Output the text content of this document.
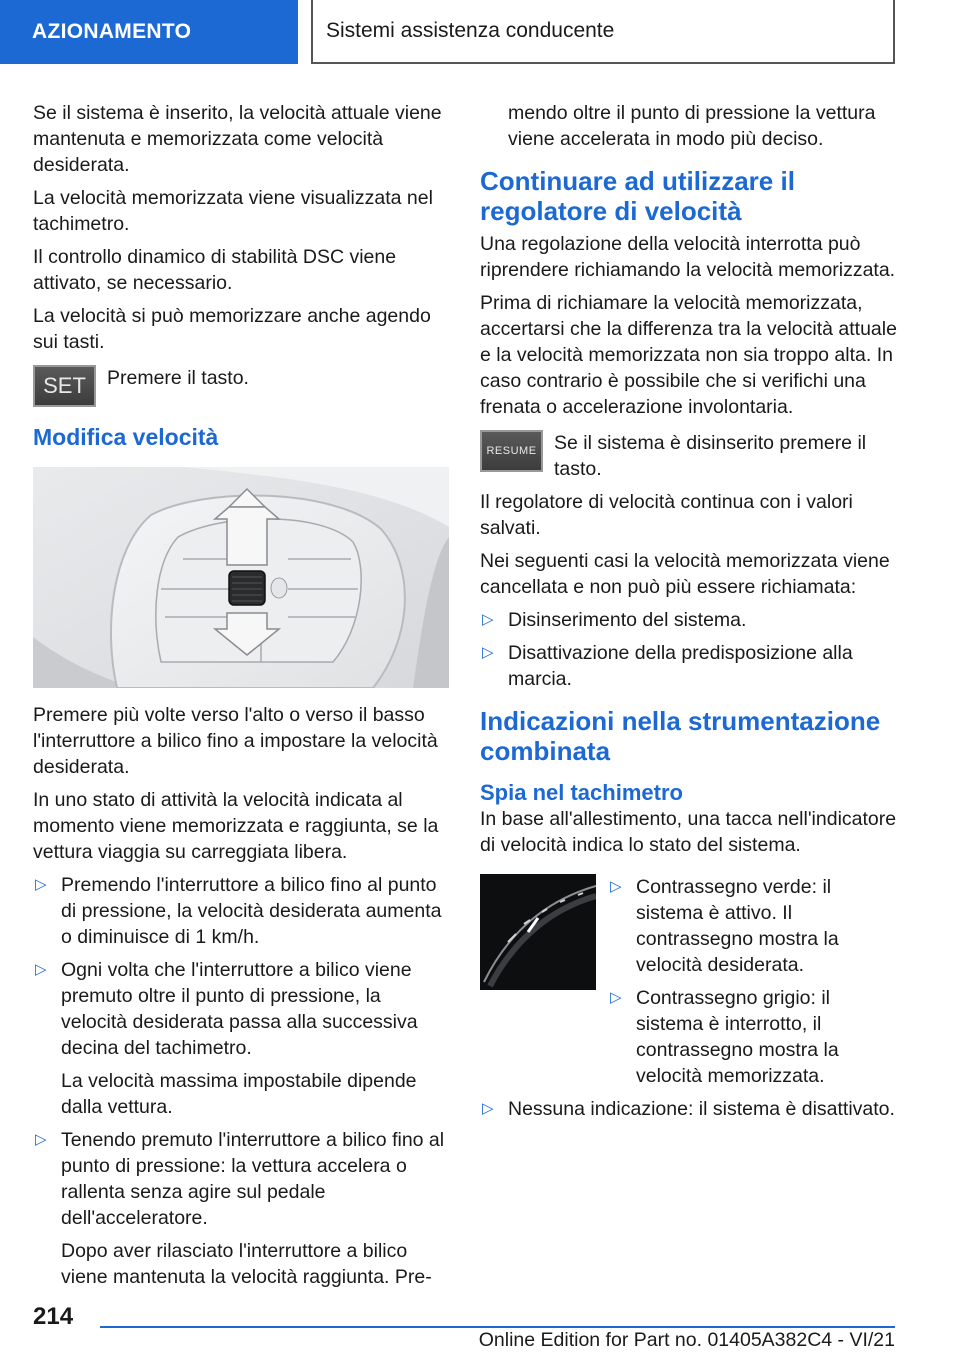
AZIONAMENTO	Sistemi assistenza conducente

Se il sistema è inserito, la velocità attuale viene mantenuta e memorizzata come velocità desiderata.

La velocità memorizzata viene visualizzata nel tachimetro.

Il controllo dinamico di stabilità DSC viene attivato, se necessario.

La velocità si può memorizzare anche agendo sui tasti.

SET	Premere il tasto.
Modifica velocità

Premere più volte verso l'alto o verso il basso l'interruttore a bilico fino a impostare la velocità desiderata.

In uno stato di attività la velocità indicata al momento viene memorizzata e raggiunta, se la vettura viaggia su carreggiata libera.

▷ Premendo l'interruttore a bilico fino al punto di pressione, la velocità desiderata aumenta o diminuisce di 1 km/h.
▷ Ogni volta che l'interruttore a bilico viene premuto oltre il punto di pressione, la velocità desiderata passa alla successiva decina del tachimetro.
La velocità massima impostabile dipende dalla vettura.
▷ Tenendo premuto l'interruttore a bilico fino al punto di pressione: la vettura accelera o rallenta senza agire sul pedale dell'acceleratore.
Dopo aver rilasciato l'interruttore a bilico viene mantenuta la velocità raggiunta. Pre-
mendo oltre il punto di pressione la vettura viene accelerata in modo più deciso.
Continuare ad utilizzare il regolatore di velocità

Una regolazione della velocità interrotta può riprendere richiamando la velocità memorizzata.

Prima di richiamare la velocità memorizzata, accertarsi che la differenza tra la velocità attuale e la velocità memorizzata non sia troppo alta. In caso contrario è possibile che si verifichi una frenata o accelerazione involontaria.

RESUME Se il sistema è disinserito premere il tasto.

Il regolatore di velocità continua con i valori salvati.

Nei seguenti casi la velocità memorizzata viene cancellata e non può più essere richiamata:

▷ Disinserimento del sistema.
▷ Disattivazione della predisposizione alla marcia.
Indicazioni nella strumentazione combinata
Spia nel tachimetro

In base all'allestimento, una tacca nell'indicatore di velocità indica lo stato del sistema.

▷ Contrassegno verde: il sistema è attivo. Il contrassegno mostra la velocità desiderata.
▷ Contrassegno grigio: il sistema è interrotto, il contrassegno mostra la velocità memorizzata.
▷ Nessuna indicazione: il sistema è disattivato.
214
Online Edition for Part no. 01405A382C4 - VI/21
